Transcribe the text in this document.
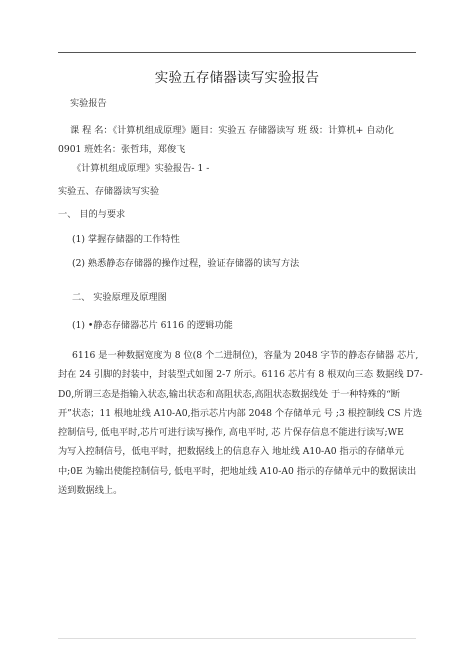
实验五存储器读写实验报告
实验报告
课 程 名：《计算机组成原理》题目：实验五 存储器读写 班 级：计算机+ 自动化
0901 班姓名：张哲玮，郑俊飞
《计算机组成原理》实验报告- 1 -
实验五、存储器读写实验
一、 目的与要求
(1) 掌握存储器的工作特性
(2) 熟悉静态存储器的操作过程，验证存储器的读写方法
二、 实验原理及原理图
(1) •静态存储器芯片 6116 的逻辑功能
6116 是一种数据宽度为 8 位(8 个二进制位)，容量为 2048 字节的静态存储器 芯片,
封在 24 引脚的封装中，封装型式如图 2-7 所示。6116 芯片有 8 根双向三态 数据线 D7-
D0,所谓三态是指输入状态,输出状态和高阻状态,高阻状态数据线处 于一种特殊的“断
开”状态；11 根地址线 A10-A0,指示芯片内部 2048 个存储单元 号 ;3 根控制线 CS 片选
控制信号, 低电平时,芯片可进行读写操作, 高电平时, 芯 片保存信息不能进行读写;WE
为写入控制信号，低电平时，把数据线上的信息存入 地址线 A10-A0 指示的存储单元
中;0E 为输出使能控制信号, 低电平时，把地址线 A10-A0 指示的存储单元中的数据读出
送到数据线上。
